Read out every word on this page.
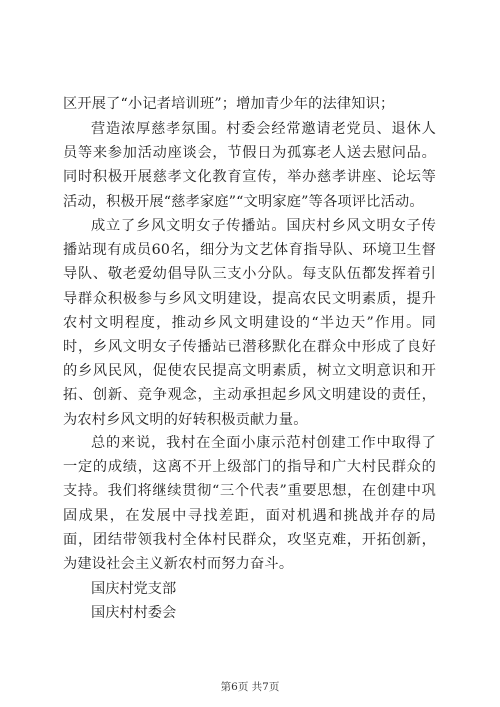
区开展了“小记者培训班”；增加青少年的法律知识；

营造浓厚慈孝氛围。村委会经常邀请老党员、退休人员等来参加活动座谈会，节假日为孤寡老人送去慰问品。同时积极开展慈孝文化教育宣传，举办慈孝讲座、论坛等活动，积极开展“慈孝家庭”“文明家庭”等各项评比活动。

成立了乡风文明女子传播站。国庆村乡风文明女子传播站现有成员60名，细分为文艺体育指导队、环境卫生督导队、敬老爱幼倡导队三支小分队。每支队伍都发挥着引导群众积极参与乡风文明建设，提高农民文明素质，提升农村文明程度，推动乡风文明建设的“半边天”作用。同时，乡风文明女子传播站已潜移默化在群众中形成了良好的乡风民风，促使农民提高文明素质，树立文明意识和开拓、创新、竞争观念，主动承担起乡风文明建设的责任，为农村乡风文明的好转积极贡献力量。

总的来说，我村在全面小康示范村创建工作中取得了一定的成绩，这离不开上级部门的指导和广大村民群众的支持。我们将继续贯彻“三个代表”重要思想，在创建中巩固成果，在发展中寻找差距，面对机遇和挑战并存的局面，团结带领我村全体村民群众，攻坚克难，开拓创新，为建设社会主义新农村而努力奋斗。

国庆村党支部

国庆村村委会

第6页 共7页
